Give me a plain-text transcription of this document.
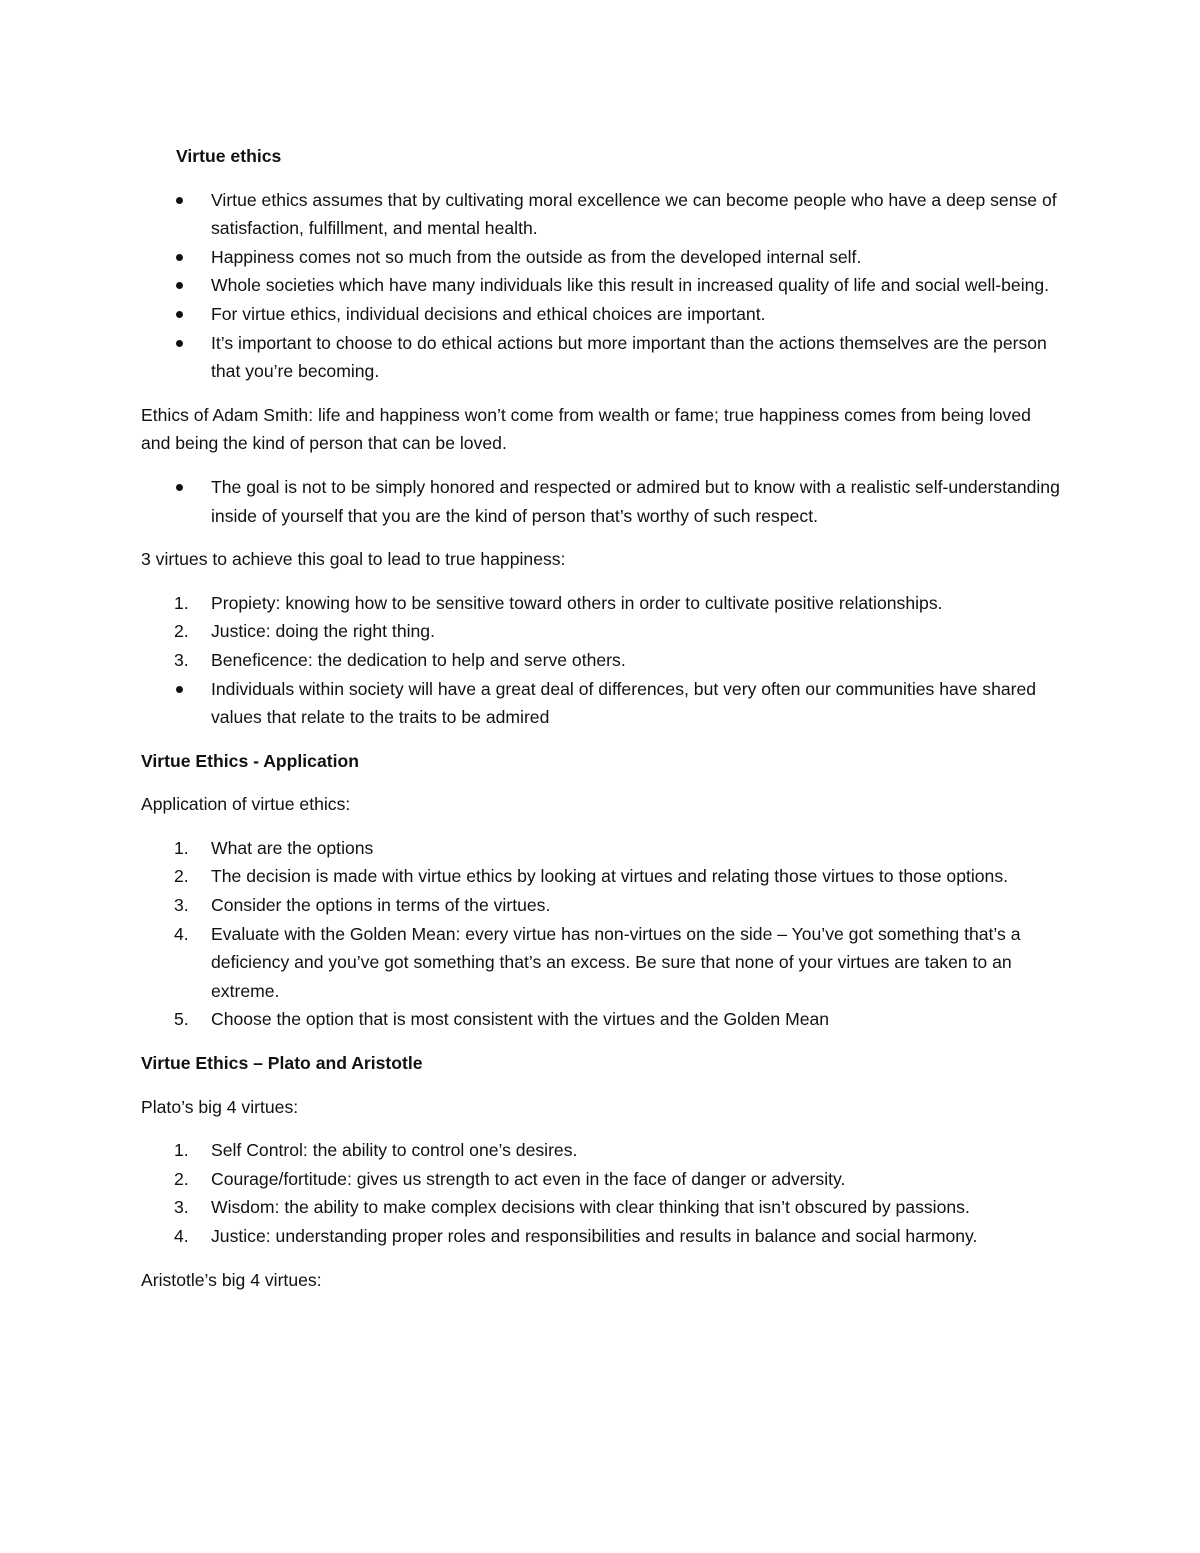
Virtue ethics
Virtue ethics assumes that by cultivating moral excellence we can become people who have a deep sense of satisfaction, fulfillment, and mental health.
Happiness comes not so much from the outside as from the developed internal self.
Whole societies which have many individuals like this result in increased quality of life and social well-being.
For virtue ethics, individual decisions and ethical choices are important.
It’s important to choose to do ethical actions but more important than the actions themselves are the person that you’re becoming.

Ethics of Adam Smith: life and happiness won’t come from wealth or fame; true happiness comes from being loved and being the kind of person that can be loved.

The goal is not to be simply honored and respected or admired but to know with a realistic self-understanding inside of yourself that you are the kind of person that’s worthy of such respect.

3 virtues to achieve this goal to lead to true happiness:

1. Propiety: knowing how to be sensitive toward others in order to cultivate positive relationships.
2. Justice: doing the right thing.
3. Beneficence: the dedication to help and serve others.
Individuals within society will have a great deal of differences, but very often our communities have shared values that relate to the traits to be admired
Virtue Ethics - Application

Application of virtue ethics:

1. What are the options
2. The decision is made with virtue ethics by looking at virtues and relating those virtues to those options.
3. Consider the options in terms of the virtues.
4. Evaluate with the Golden Mean: every virtue has non-virtues on the side – You’ve got something that’s a deficiency and you’ve got something that’s an excess. Be sure that none of your virtues are taken to an extreme.
5. Choose the option that is most consistent with the virtues and the Golden Mean
Virtue Ethics – Plato and Aristotle

Plato’s big 4 virtues:

1. Self Control: the ability to control one’s desires.
2. Courage/fortitude: gives us strength to act even in the face of danger or adversity.
3. Wisdom: the ability to make complex decisions with clear thinking that isn’t obscured by passions.
4. Justice: understanding proper roles and responsibilities and results in balance and social harmony.

Aristotle’s big 4 virtues:
